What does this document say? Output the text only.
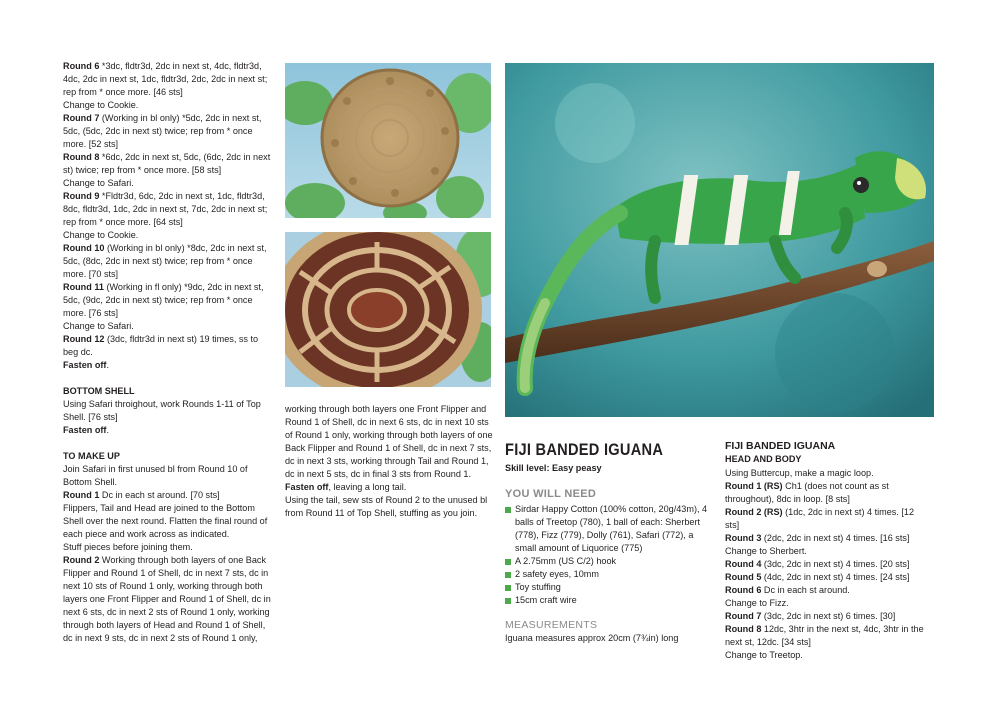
Round 6 *3dc, fldtr3d, 2dc in next st, 4dc, fldtr3d, 4dc, 2dc in next st, 1dc, fldtr3d, 2dc, 2dc in next st; rep from * once more. [46 sts]

Change to Cookie.

Round 7 (Working in bl only) *5dc, 2dc in next st, 5dc, (5dc, 2dc in next st) twice; rep from * once more. [52 sts]

Round 8 *6dc, 2dc in next st, 5dc, (6dc, 2dc in next st) twice; rep from * once more. [58 sts]

Change to Safari.

Round 9 *Fldtr3d, 6dc, 2dc in next st, 1dc, fldtr3d, 8dc, fldtr3d, 1dc, 2dc in next st, 7dc, 2dc in next st; rep from * once more. [64 sts]

Change to Cookie.

Round 10 (Working in bl only) *8dc, 2dc in next st, 5dc, (8dc, 2dc in next st) twice; rep from * once more. [70 sts]

Round 11 (Working in fl only) *9dc, 2dc in next st, 5dc, (9dc, 2dc in next st) twice; rep from * once more. [76 sts]

Change to Safari.

Round 12 (3dc, fldtr3d in next st) 19 times, ss to beg dc.

Fasten off.

BOTTOM SHELL

Using Safari throighout, work Rounds 1-11 of Top Shell. [76 sts]

Fasten off.

TO MAKE UP

Join Safari in first unused bl from Round 10 of Bottom Shell.

Round 1 Dc in each st around. [70 sts]

Flippers, Tail and Head are joined to the Bottom Shell over the next round. Flatten the final round of each piece and work across as indicated.

Stuff pieces before joining them.

Round 2 Working through both layers of one Back Flipper and Round 1 of Shell, dc in next 7 sts, dc in next 10 sts of Round 1 only, working through both layers one Front Flipper and Round 1 of Shell, dc in next 6 sts, dc in next 2 sts of Round 1 only, working through both layers of Head and Round 1 of Shell, dc in next 9 sts, dc in next 2 sts of Round 1 only,

working through both layers one Front Flipper and Round 1 of Shell, dc in next 6 sts, dc in next 10 sts of Round 1 only, working through both layers of one Back Flipper and Round 1 of Shell, dc in next 7 sts, dc in next 3 sts, working through Tail and Round 1, dc in next 5 sts, dc in final 3 sts from Round 1.

Fasten off, leaving a long tail.

Using the tail, sew sts of Round 2 to the unused bl from Round 11 of Top Shell, stuffing as you join.

FIJI BANDED IGUANA
Skill level: Easy peasy
YOU WILL NEED
Sirdar Happy Cotton (100% cotton, 20g/43m), 4 balls of Treetop (780), 1 ball of each: Sherbert (778), Fizz (779), Dolly (761), Safari (772), a small amount of Liquorice (775)
A 2.75mm (US C/2) hook
2 safety eyes, 10mm
Toy stuffing
15cm craft wire
MEASUREMENTS
Iguana measures approx 20cm (7¾in) long
FIJI BANDED IGUANA
HEAD AND BODY

Using Buttercup, make a magic loop.

Round 1 (RS) Ch1 (does not count as st throughout), 8dc in loop. [8 sts]

Round 2 (RS) (1dc, 2dc in next st) 4 times. [12 sts]

Round 3 (2dc, 2dc in next st) 4 times. [16 sts]

Change to Sherbert.

Round 4 (3dc, 2dc in next st) 4 times. [20 sts]

Round 5 (4dc, 2dc in next st) 4 times. [24 sts]

Round 6 Dc in each st around.

Change to Fizz.

Round 7 (3dc, 2dc in next st) 6 times. [30]

Round 8 12dc, 3htr in the next st, 4dc, 3htr in the next st, 12dc. [34 sts]

Change to Treetop.
